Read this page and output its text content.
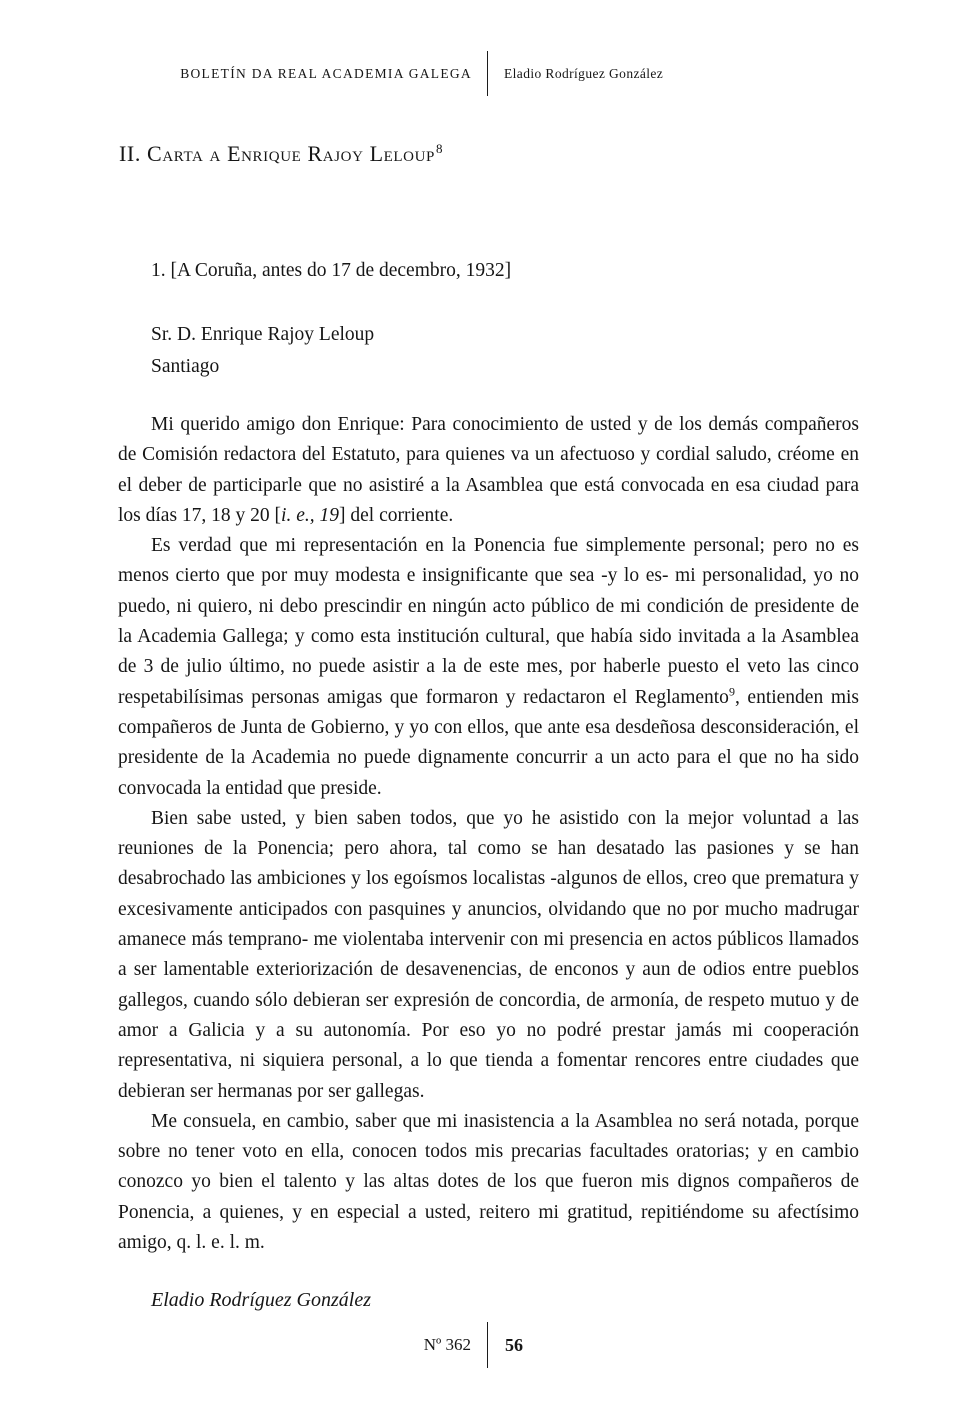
BOLETÍN DA REAL ACADEMIA GALEGA	Eladio Rodríguez González
II. Carta a Enrique Rajoy Leloup$^8$
1. [A Coruña, antes do 17 de decembro, 1932]
Sr. D. Enrique Rajoy Leloup
Santiago

Mi querido amigo don Enrique: Para conocimiento de usted y de los demás compañeros de Comisión redactora del Estatuto, para quienes va un afectuoso y cordial saludo, créome en el deber de participarle que no asistiré a la Asamblea que está convocada en esa ciudad para los días 17, 18 y 20 [i. e., 19] del corriente.

Es verdad que mi representación en la Ponencia fue simplemente personal; pero no es menos cierto que por muy modesta e insignificante que sea -y lo es- mi personalidad, yo no puedo, ni quiero, ni debo prescindir en ningún acto público de mi condición de presidente de la Academia Gallega; y como esta institución cultural, que había sido invitada a la Asamblea de 3 de julio último, no puede asistir a la de este mes, por haberle puesto el veto las cinco respetabilísimas personas amigas que formaron y redactaron el Reglamento$^9$, entienden mis compañeros de Junta de Gobierno, y yo con ellos, que ante esa desdeñosa desconsideración, el presidente de la Academia no puede dignamente concurrir a un acto para el que no ha sido convocada la entidad que preside.

Bien sabe usted, y bien saben todos, que yo he asistido con la mejor voluntad a las reuniones de la Ponencia; pero ahora, tal como se han desatado las pasiones y se han desabrochado las ambiciones y los egoísmos localistas -algunos de ellos, creo que prematura y excesivamente anticipados con pasquines y anuncios, olvidando que no por mucho madrugar amanece más temprano- me violentaba intervenir con mi presencia en actos públicos llamados a ser lamentable exteriorización de desavenencias, de enconos y aun de odios entre pueblos gallegos, cuando sólo debieran ser expresión de concordia, de armonía, de respeto mutuo y de amor a Galicia y a su autonomía. Por eso yo no podré prestar jamás mi cooperación representativa, ni siquiera personal, a lo que tienda a fomentar rencores entre ciudades que debieran ser hermanas por ser gallegas.

Me consuela, en cambio, saber que mi inasistencia a la Asamblea no será notada, porque sobre no tener voto en ella, conocen todos mis precarias facultades oratorias; y en cambio conozco yo bien el talento y las altas dotes de los que fueron mis dignos compañeros de Ponencia, a quienes, y en especial a usted, reitero mi gratitud, repitiéndome su afectísimo amigo, q. l. e. l. m.

Eladio Rodríguez González
Nº 362	56
